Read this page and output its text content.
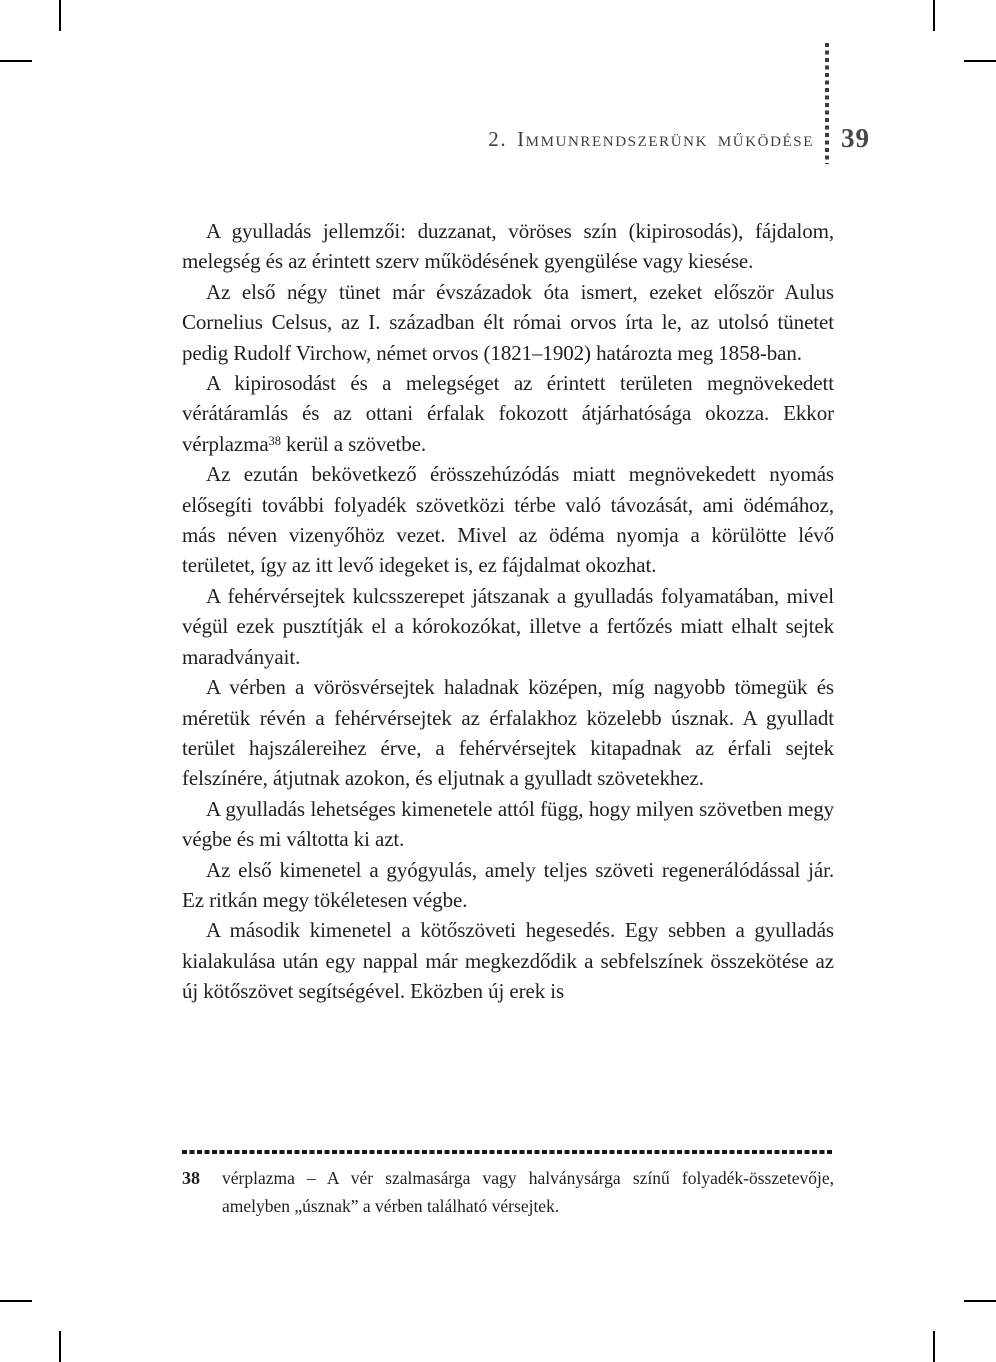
2. Immunrendszerünk működése 39

A gyulladás jellemzői: duzzanat, vöröses szín (kipirosodás), fájdalom, melegség és az érintett szerv működésének gyengülése vagy kiesése.

Az első négy tünet már évszázadok óta ismert, ezeket először Aulus Cornelius Celsus, az I. században élt római orvos írta le, az utolsó tünetet pedig Rudolf Virchow, német orvos (1821–1902) határozta meg 1858-ban.

A kipirosodást és a melegséget az érintett területen megnövekedett vérátáramlás és az ottani érfalak fokozott átjárhatósága okozza. Ekkor vérplazma$^{38}$ kerül a szövetbe.

Az ezután bekövetkező érösszehúzódás miatt megnövekedett nyomás elősegíti további folyadék szövetközi térbe való távozását, ami ödémához, más néven vizenyőhöz vezet. Mivel az ödéma nyomja a körülötte lévő területet, így az itt levő idegeket is, ez fájdalmat okozhat.

A fehérvérsejtek kulcsszerepet játszanak a gyulladás folyamatában, mivel végül ezek pusztítják el a kórokozókat, illetve a fertőzés miatt elhalt sejtek maradványait.

A vérben a vörösvérsejtek haladnak középen, míg nagyobb tömegük és méretük révén a fehérvérsejtek az érfalakhoz közelebb úsznak. A gyulladt terület hajszálereihez érve, a fehérvérsejtek kitapadnak az érfali sejtek felszínére, átjutnak azokon, és eljutnak a gyulladt szövetekhez.

A gyulladás lehetséges kimenetele attól függ, hogy milyen szövetben megy végbe és mi váltotta ki azt.

Az első kimenetel a gyógyulás, amely teljes szöveti regenerálódással jár. Ez ritkán megy tökéletesen végbe.

A második kimenetel a kötőszöveti hegesedés. Egy sebben a gyulladás kialakulása után egy nappal már megkezdődik a sebfelszínek összekötése az új kötőszövet segítségével. Eközben új erek is

38 vérplazma – A vér szalmasárga vagy halványsárga színű folyadék-összetevője, amelyben „úsznak” a vérben található vérsejtek.
